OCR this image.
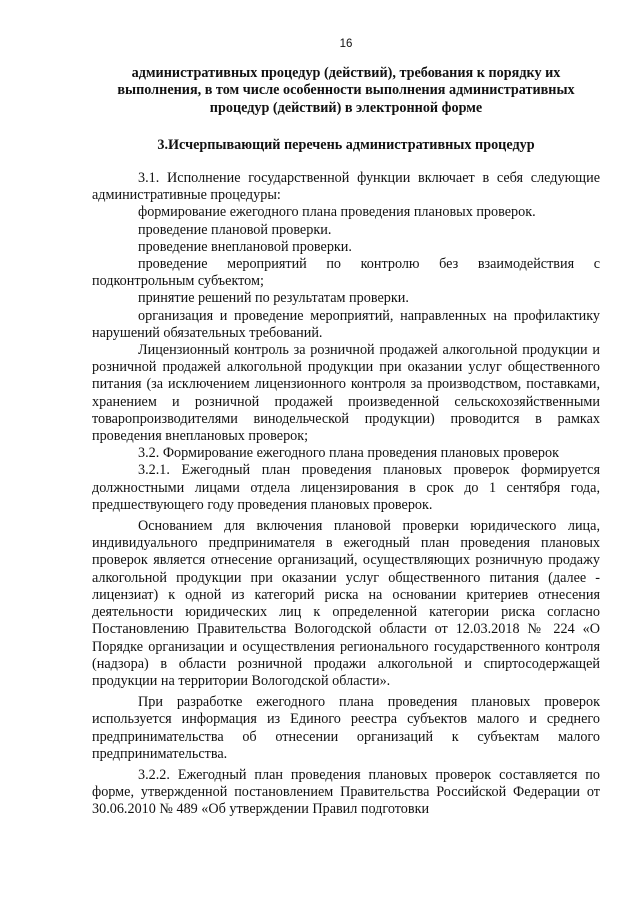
16

административных процедур (действий), требования к порядку их

выполнения, в том числе особенности выполнения административных

процедур (действий) в электронной форме

3.Исчерпывающий перечень административных процедур

3.1. Исполнение государственной функции включает в себя следующие административные процедуры:

формирование ежегодного плана проведения плановых проверок.

проведение плановой проверки.

проведение внеплановой проверки.

проведение мероприятий по контролю без взаимодействия с подконтрольным субъектом;

принятие решений по результатам проверки.

организация и проведение мероприятий, направленных на профилактику нарушений обязательных требований.

Лицензионный контроль за розничной продажей алкогольной продукции и розничной продажей алкогольной продукции при оказании услуг общественного питания (за исключением лицензионного контроля за производством, поставками, хранением и розничной продажей произведенной сельскохозяйственными товаропроизводителями винодельческой продукции) проводится в рамках проведения внеплановых проверок;

3.2. Формирование ежегодного плана проведения плановых проверок

3.2.1. Ежегодный план проведения плановых проверок формируется должностными лицами отдела лицензирования в срок до 1 сентября года, предшествующего году проведения плановых проверок.

Основанием для включения плановой проверки юридического лица, индивидуального предпринимателя в ежегодный план проведения плановых проверок является отнесение организаций, осуществляющих розничную продажу алкогольной продукции при оказании услуг общественного питания (далее - лицензиат) к одной из категорий риска на основании критериев отнесения деятельности юридических лиц к определенной категории риска согласно Постановлению Правительства Вологодской области от 12.03.2018 № 224 «О Порядке организации и осуществления регионального государственного контроля (надзора) в области розничной продажи алкогольной и спиртосодержащей продукции на территории Вологодской области».

При разработке ежегодного плана проведения плановых проверок используется информация из Единого реестра субъектов малого и среднего предпринимательства об отнесении организаций к субъектам малого предпринимательства.

3.2.2. Ежегодный план проведения плановых проверок составляется по форме, утвержденной постановлением Правительства Российской Федерации от 30.06.2010 № 489 «Об утверждении Правил подготовки
